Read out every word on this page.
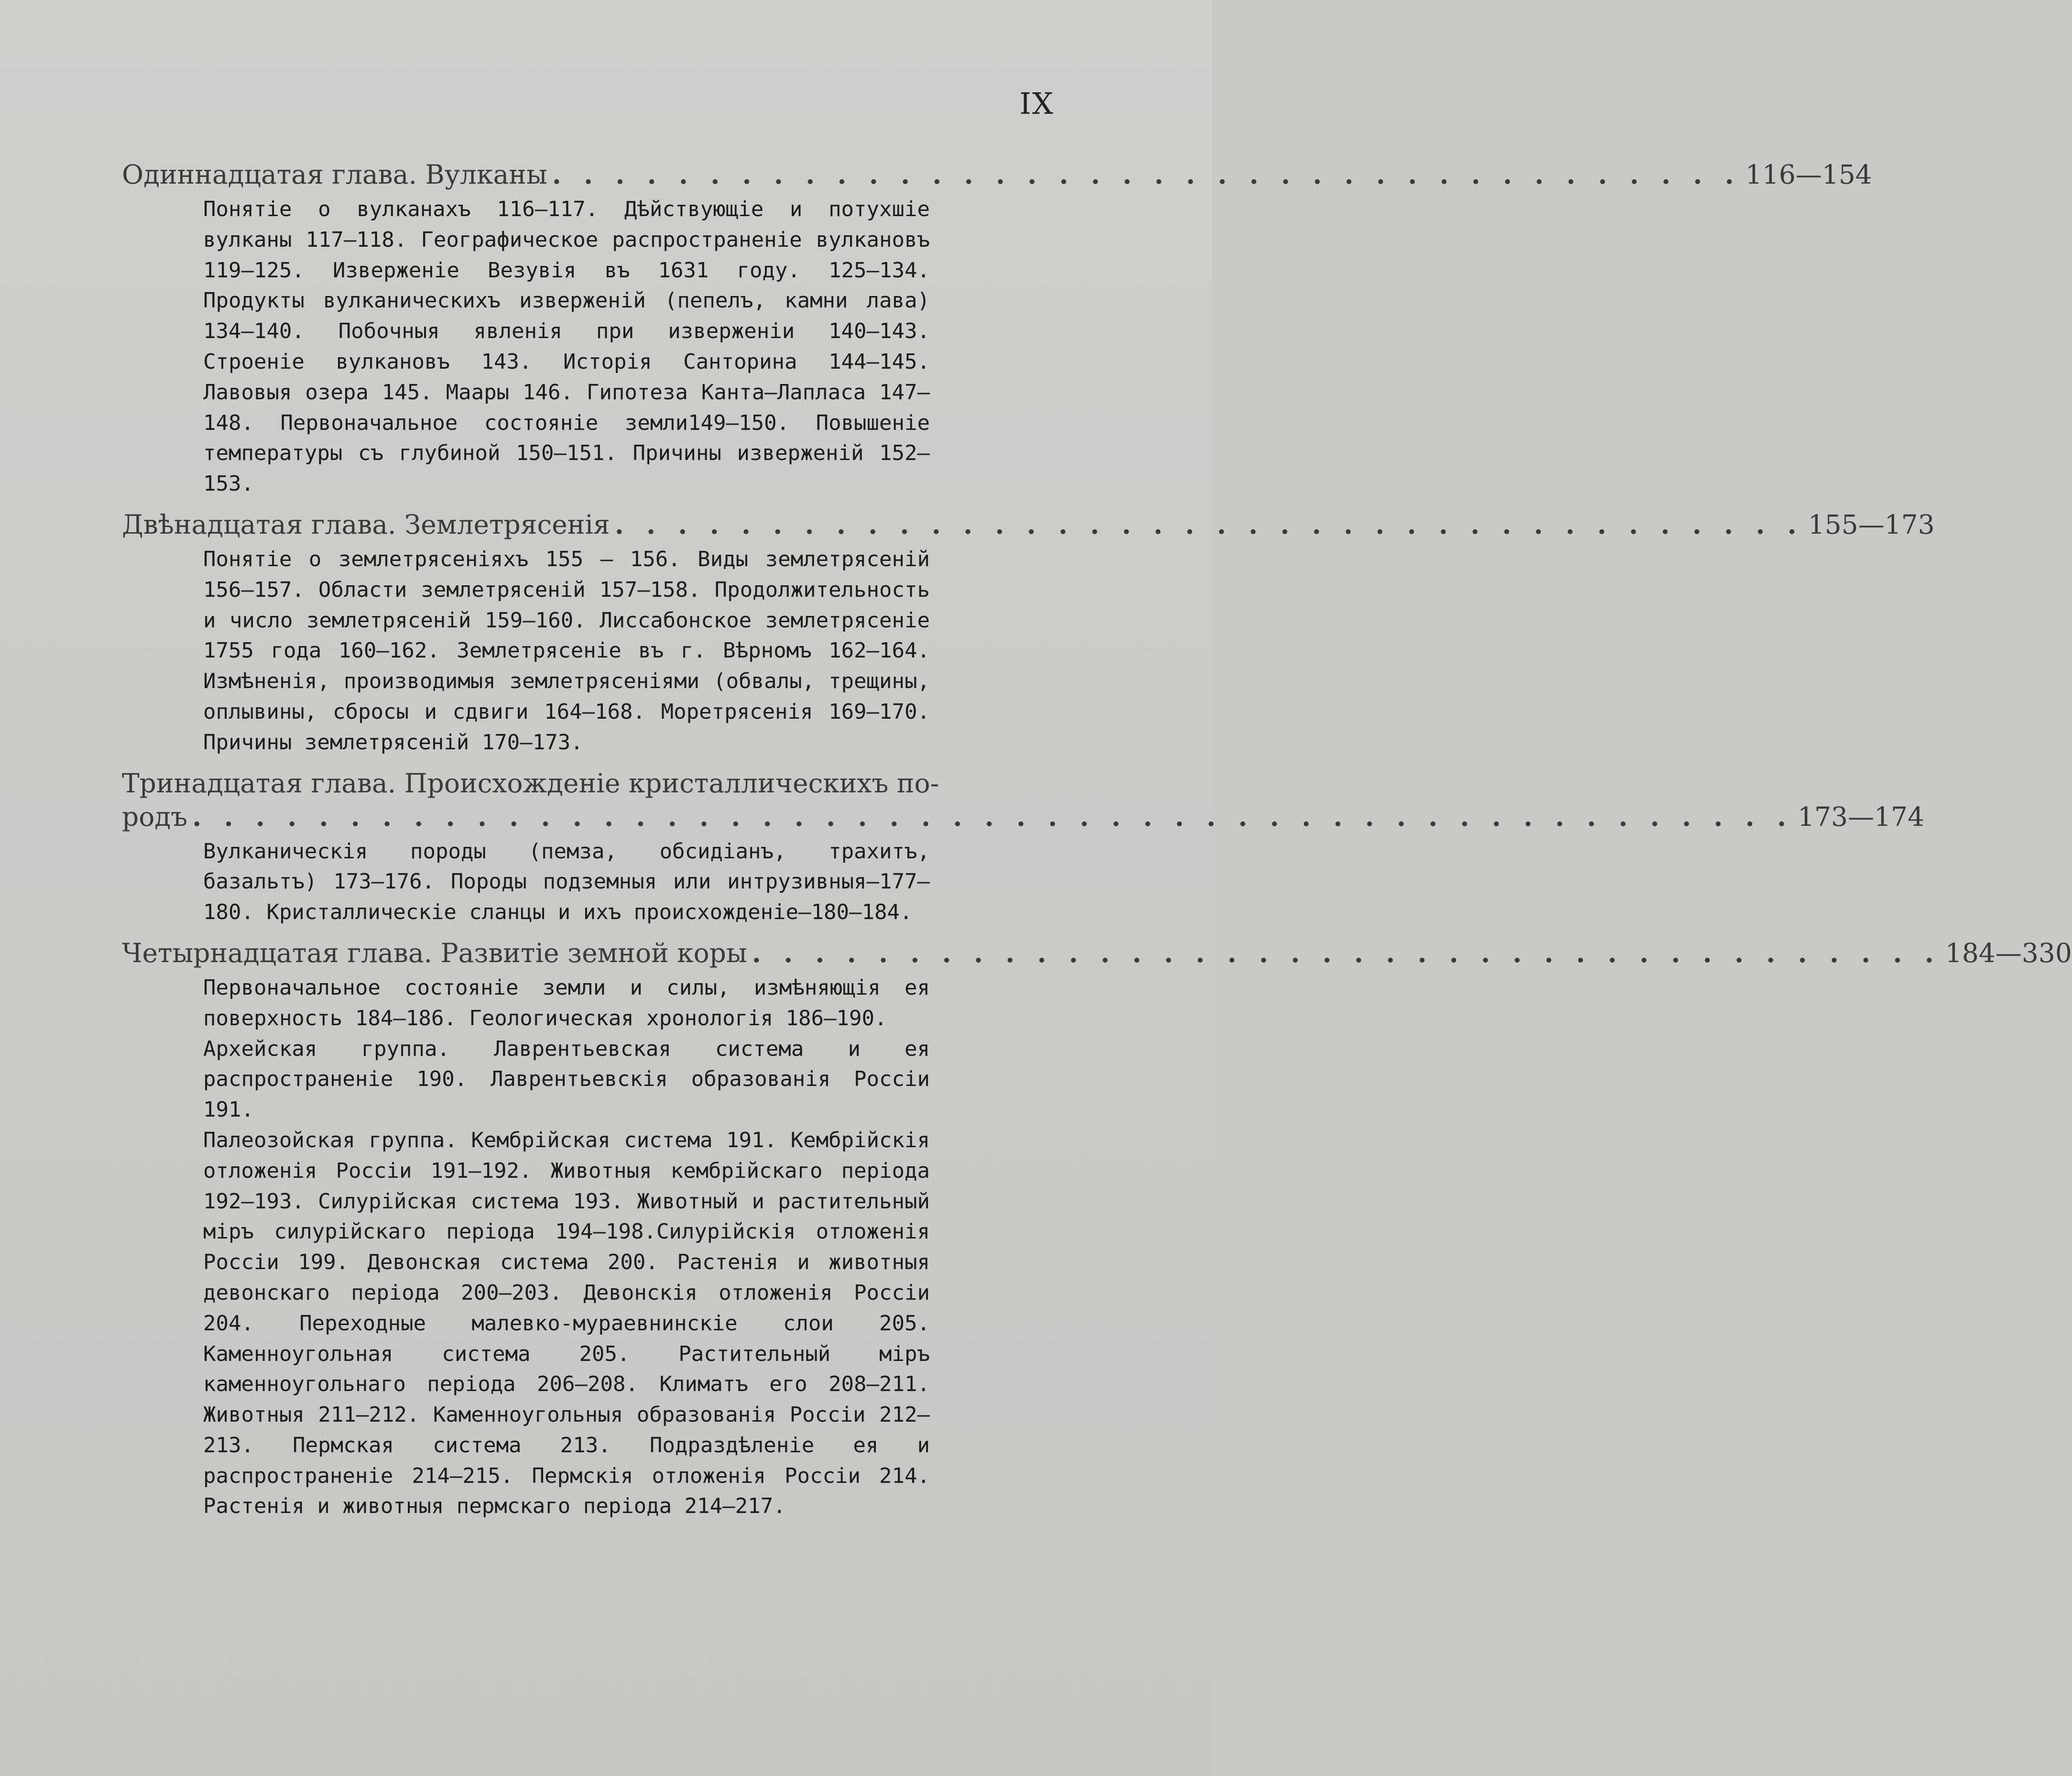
IX
Одиннадцатая глава. Вулканы . . . . . . . . . . . . . . . . . . . . . . . . . . . . . . . . . . . . . . 116—154

Понятіе о вулканахъ 116—117. Дѣйствующіе и потухшіе вулканы 117—118. Географическое распространеніе вулкановъ 119—125. Изверженіе Везувія въ 1631 году. 125—134. Продукты вулканическихъ изверженій (пепелъ, камни лава) 134—140. Побочныя явленія при изверженіи 140—143. Строеніе вулкановъ 143. Исторія Санторина 144—145. Лавовыя озера 145. Маары 146. Гипотеза Канта—Лапласа 147—148. Первоначальное состояніе земли149—150. Повышеніе температуры съ глубиной 150—151. Причины изверженій 152—153.

Двѣнадцатая глава. Землетрясенія . . . . . . . . . . . . . . . . . . . . . . . . . . . . . . . . . . . . . . 155—173

Понятіе о землетрясеніяхъ 155 — 156. Виды землетрясеній 156—157. Области землетрясеній 157—158. Продолжительность и число землетрясеній 159—160. Лиссабонское землетрясеніе 1755 года 160—162. Землетрясеніе въ г. Вѣрномъ 162—164. Измѣненія, производимыя землетрясеніями (обвалы, трещины, оплывины, сбросы и сдвиги 164—168. Моретрясенія 169—170. Причины землетрясеній 170—173.

Тринадцатая глава. Происхожденіе кристаллическихъ по-
родъ . . . . . . . . . . . . . . . . . . . . . . . . . . . . . . . . . . . . . . . . . . . . . . . . . . . 173—174

Вулканическія породы (пемза, обсидіанъ, трахитъ, базальтъ) 173—176. Породы подземныя или интрузивныя—177—180. Кристаллическіе сланцы и ихъ происхожденіе—180—184.

Четырнадцатая глава. Развитіе земной коры . . . . . . . . . . . . . . . . . . . . . . . . . . . . . . . . . . . . . . 184—330

Первоначальное состояніе земли и силы, измѣняющія ея поверхность 184—186. Геологическая хронологія 186—190.

Архейская группа. Лаврентьевская система и ея распространеніе 190. Лаврентьевскія образованія Россіи 191.

Палеозойская группа. Кембрійская система 191. Кембрійскія отложенія Россіи 191—192. Животныя кембрійскаго періода 192—193. Силурійская система 193. Животный и растительный міръ силурійскаго періода 194—198.Силурійскія отложенія Россіи 199. Девонская система 200. Растенія и животныя девонскаго періода 200—203. Девонскія отложенія Россіи 204. Переходные малевко-мураевнинскіе слои 205. Каменноугольная система 205. Растительный міръ каменноугольнаго періода 206—208. Климатъ его 208—211. Животныя 211—212. Каменноугольныя образованія Россіи 212—213. Пермская система 213. Подраздѣленіе ея и распространеніе 214—215. Пермскія отложенія Россіи 214. Растенія и животныя пермскаго періода 214—217.
